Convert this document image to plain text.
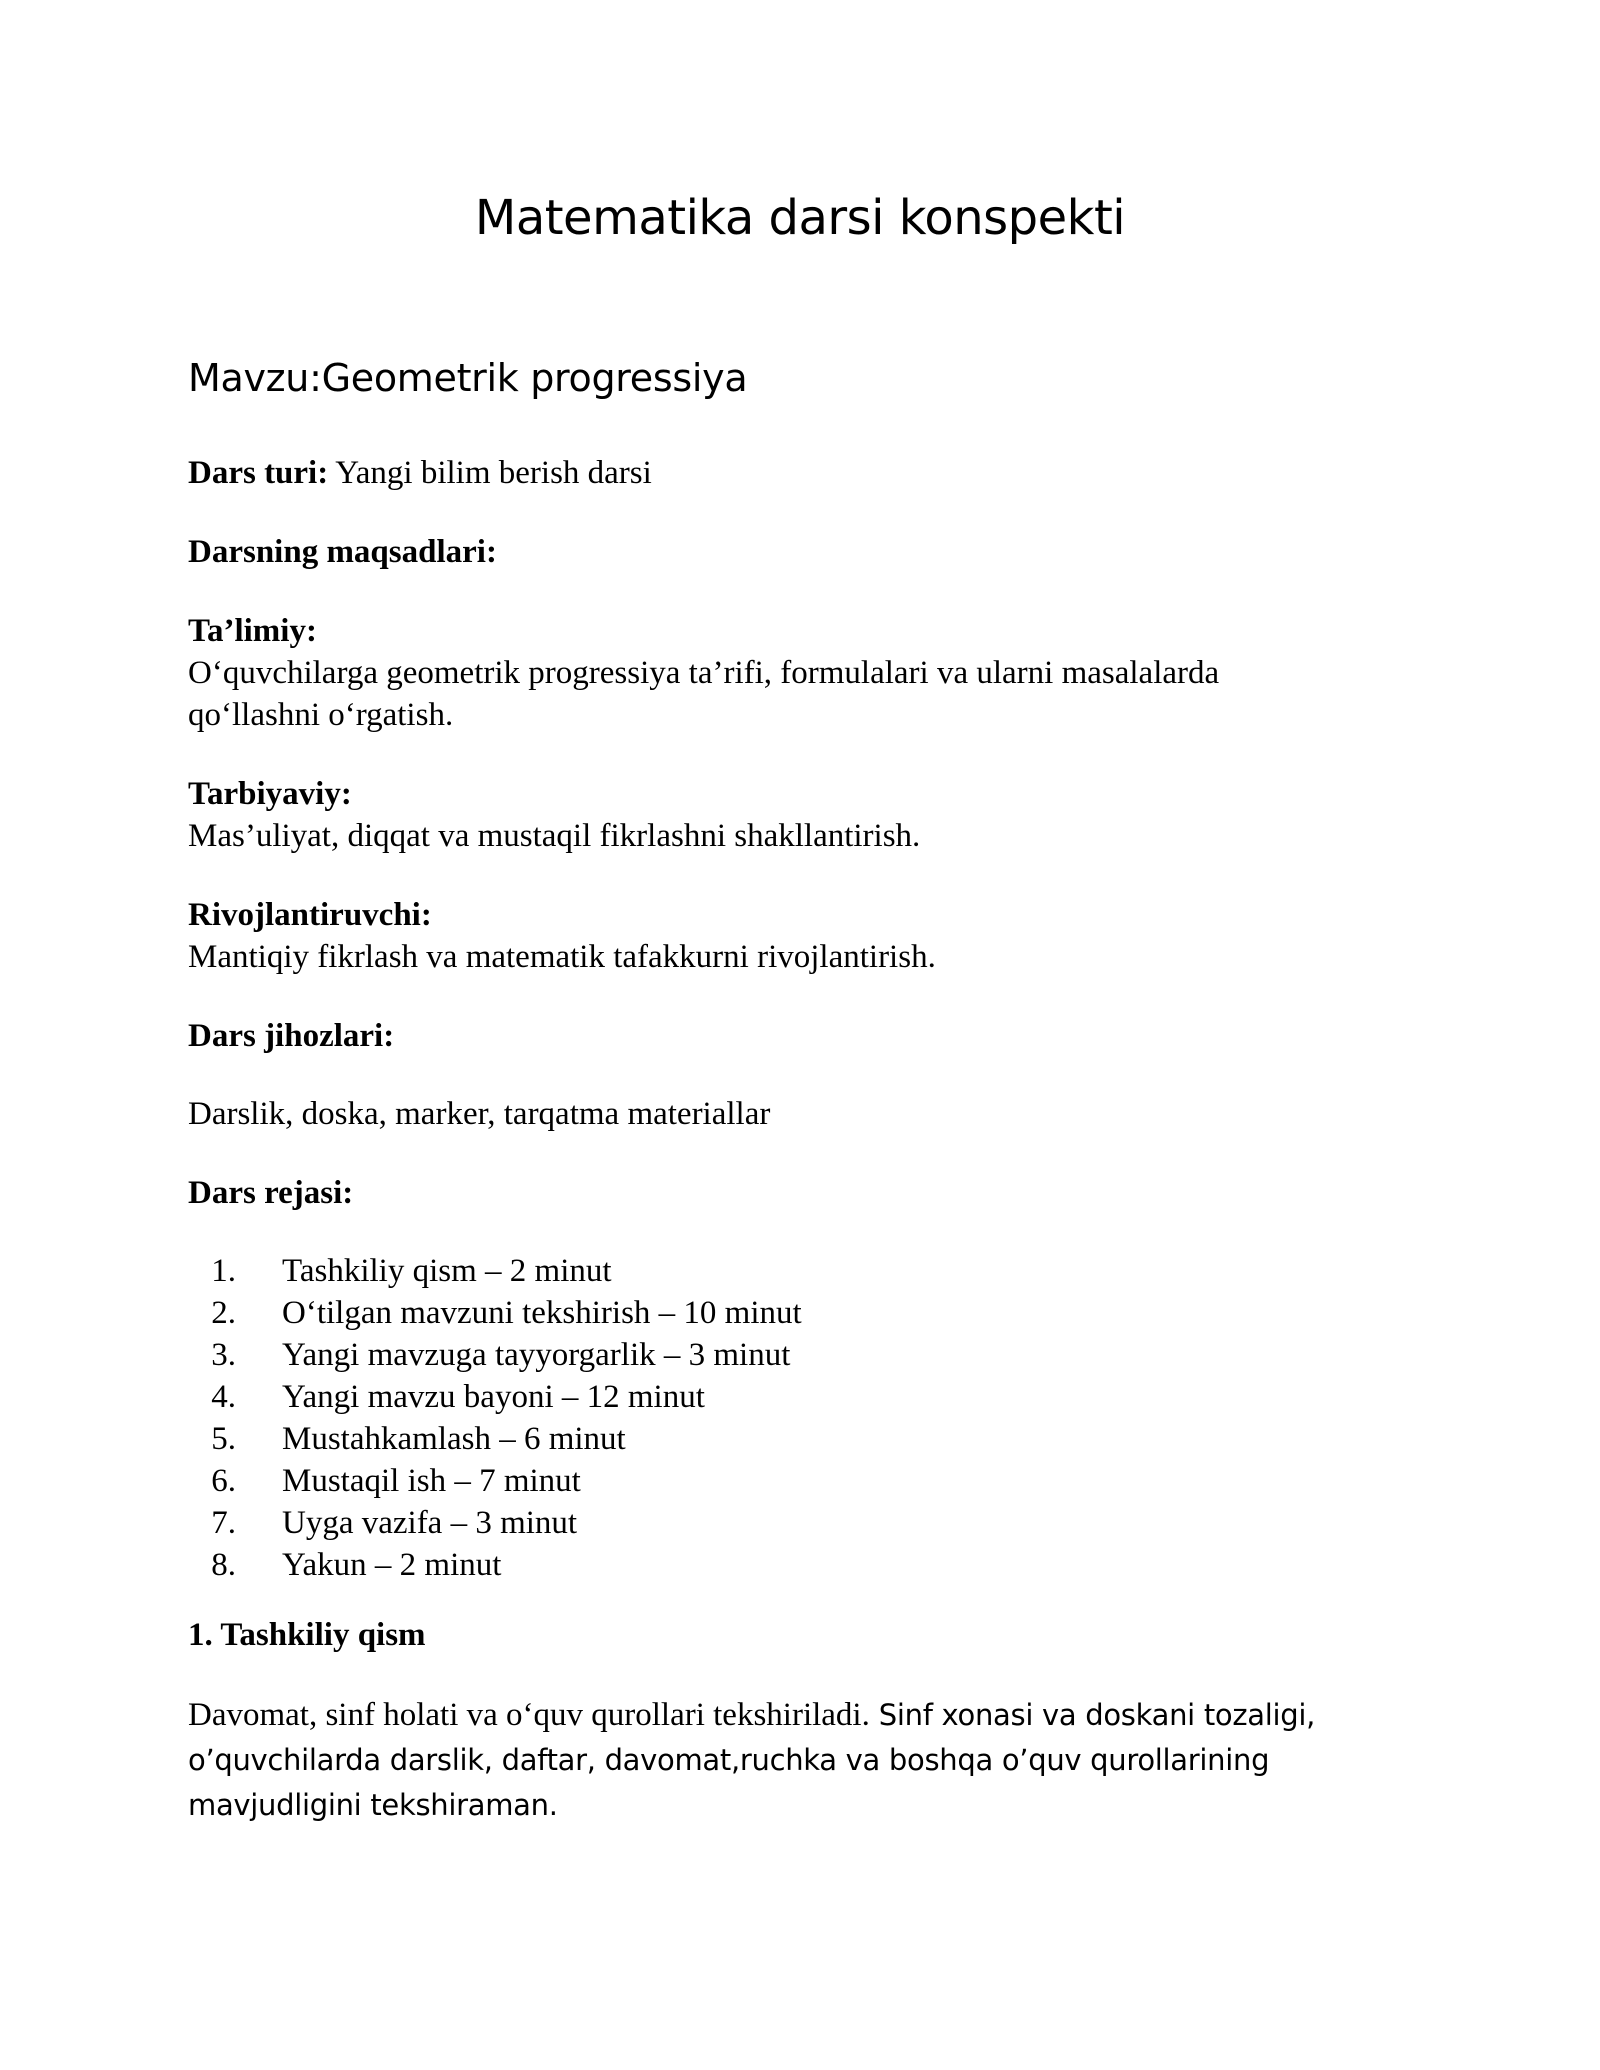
Matematika darsi konspekti
Mavzu:Geometrik progressiya
Dars turi: Yangi bilim berish darsi
Darsning maqsadlari:
Ta’limiy:
O‘quvchilarga geometrik progressiya ta’rifi, formulalari va ularni masalalarda
qo‘llashni o‘rgatish.
Tarbiyaviy:
Mas’uliyat, diqqat va mustaqil fikrlashni shakllantirish.
Rivojlantiruvchi:
Mantiqiy fikrlash va matematik tafakkurni rivojlantirish.
Dars jihozlari:
Darslik, doska, marker, tarqatma materiallar
Dars rejasi:
1. Tashkiliy qism – 2 minut
2. O‘tilgan mavzuni tekshirish – 10 minut
3. Yangi mavzuga tayyorgarlik – 3 minut
4. Yangi mavzu bayoni – 12 minut
5. Mustahkamlash – 6 minut
6. Mustaqil ish – 7 minut
7. Uyga vazifa – 3 minut
8. Yakun – 2 minut
1. Tashkiliy qism
Davomat, sinf holati va o‘quv qurollari tekshiriladi. Sinf xonasi va doskani tozaligi, o’quvchilarda darslik, daftar, davomat,ruchka va boshqa o’quv qurollarining mavjudligini tekshiraman.
